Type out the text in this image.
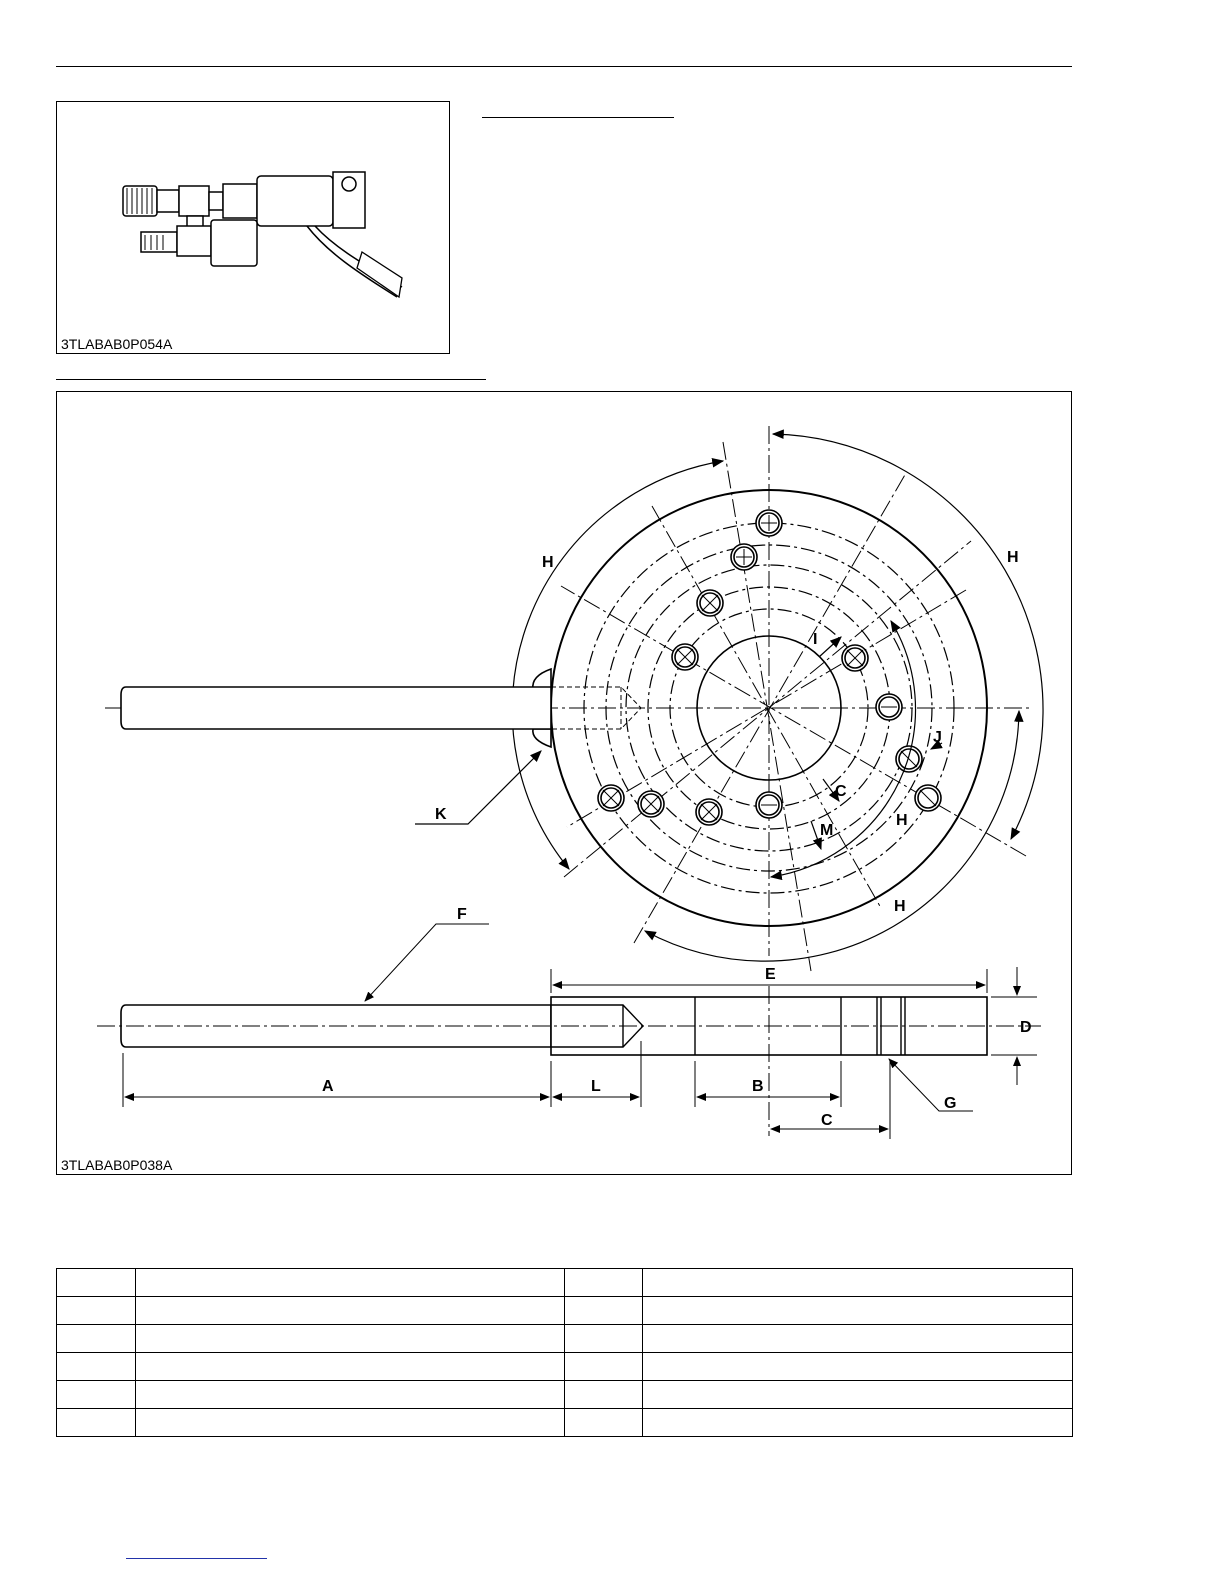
3TLABAB0P054A
H	H
H
H
I
J
C
M
K
F
E
D
A	L	B
C
G
3TLABAB0P038A
